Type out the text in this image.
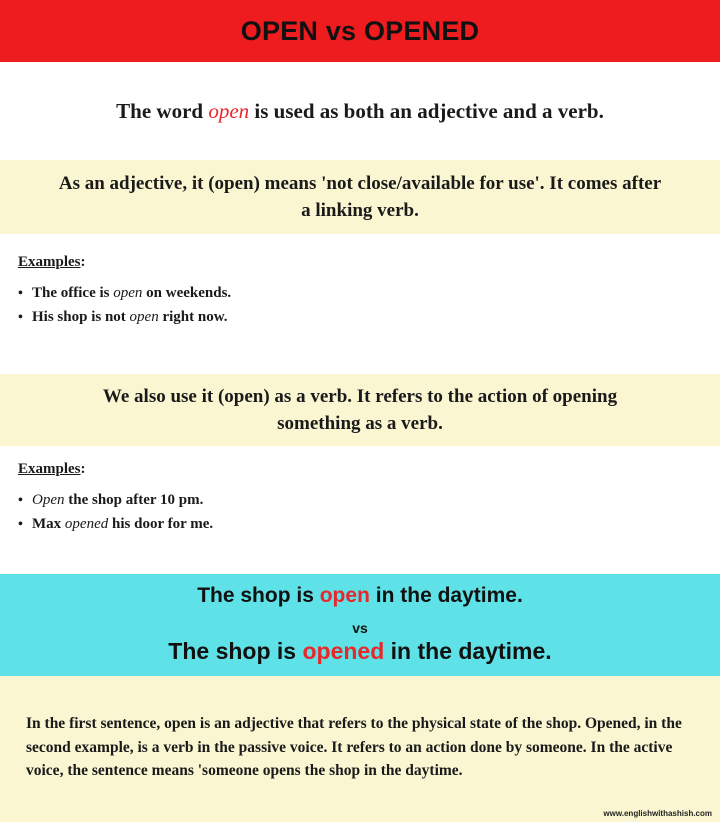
OPEN vs OPENED
The word
open
is used as both an adjective and a verb.

As an adjective, it (open) means 'not close/available for use'. It comes after
a linking verb.

Examples:
• The office is open on weekends.
• His shop is not open right now.

We also use it (open) as a verb. It refers to the action of opening
something as a verb.

Examples:
• Open the shop after 10 pm.
• Max opened his door for me.
The shop is open in the daytime.
vs
The shop is opened in the daytime.

In the first sentence, open is an adjective that refers to the physical state of the shop. Opened, in the second example, is a verb in the passive voice. It refers to an action done by someone. In the active voice, the sentence means 'someone opens the shop in the daytime.

www.englishwithashish.com
